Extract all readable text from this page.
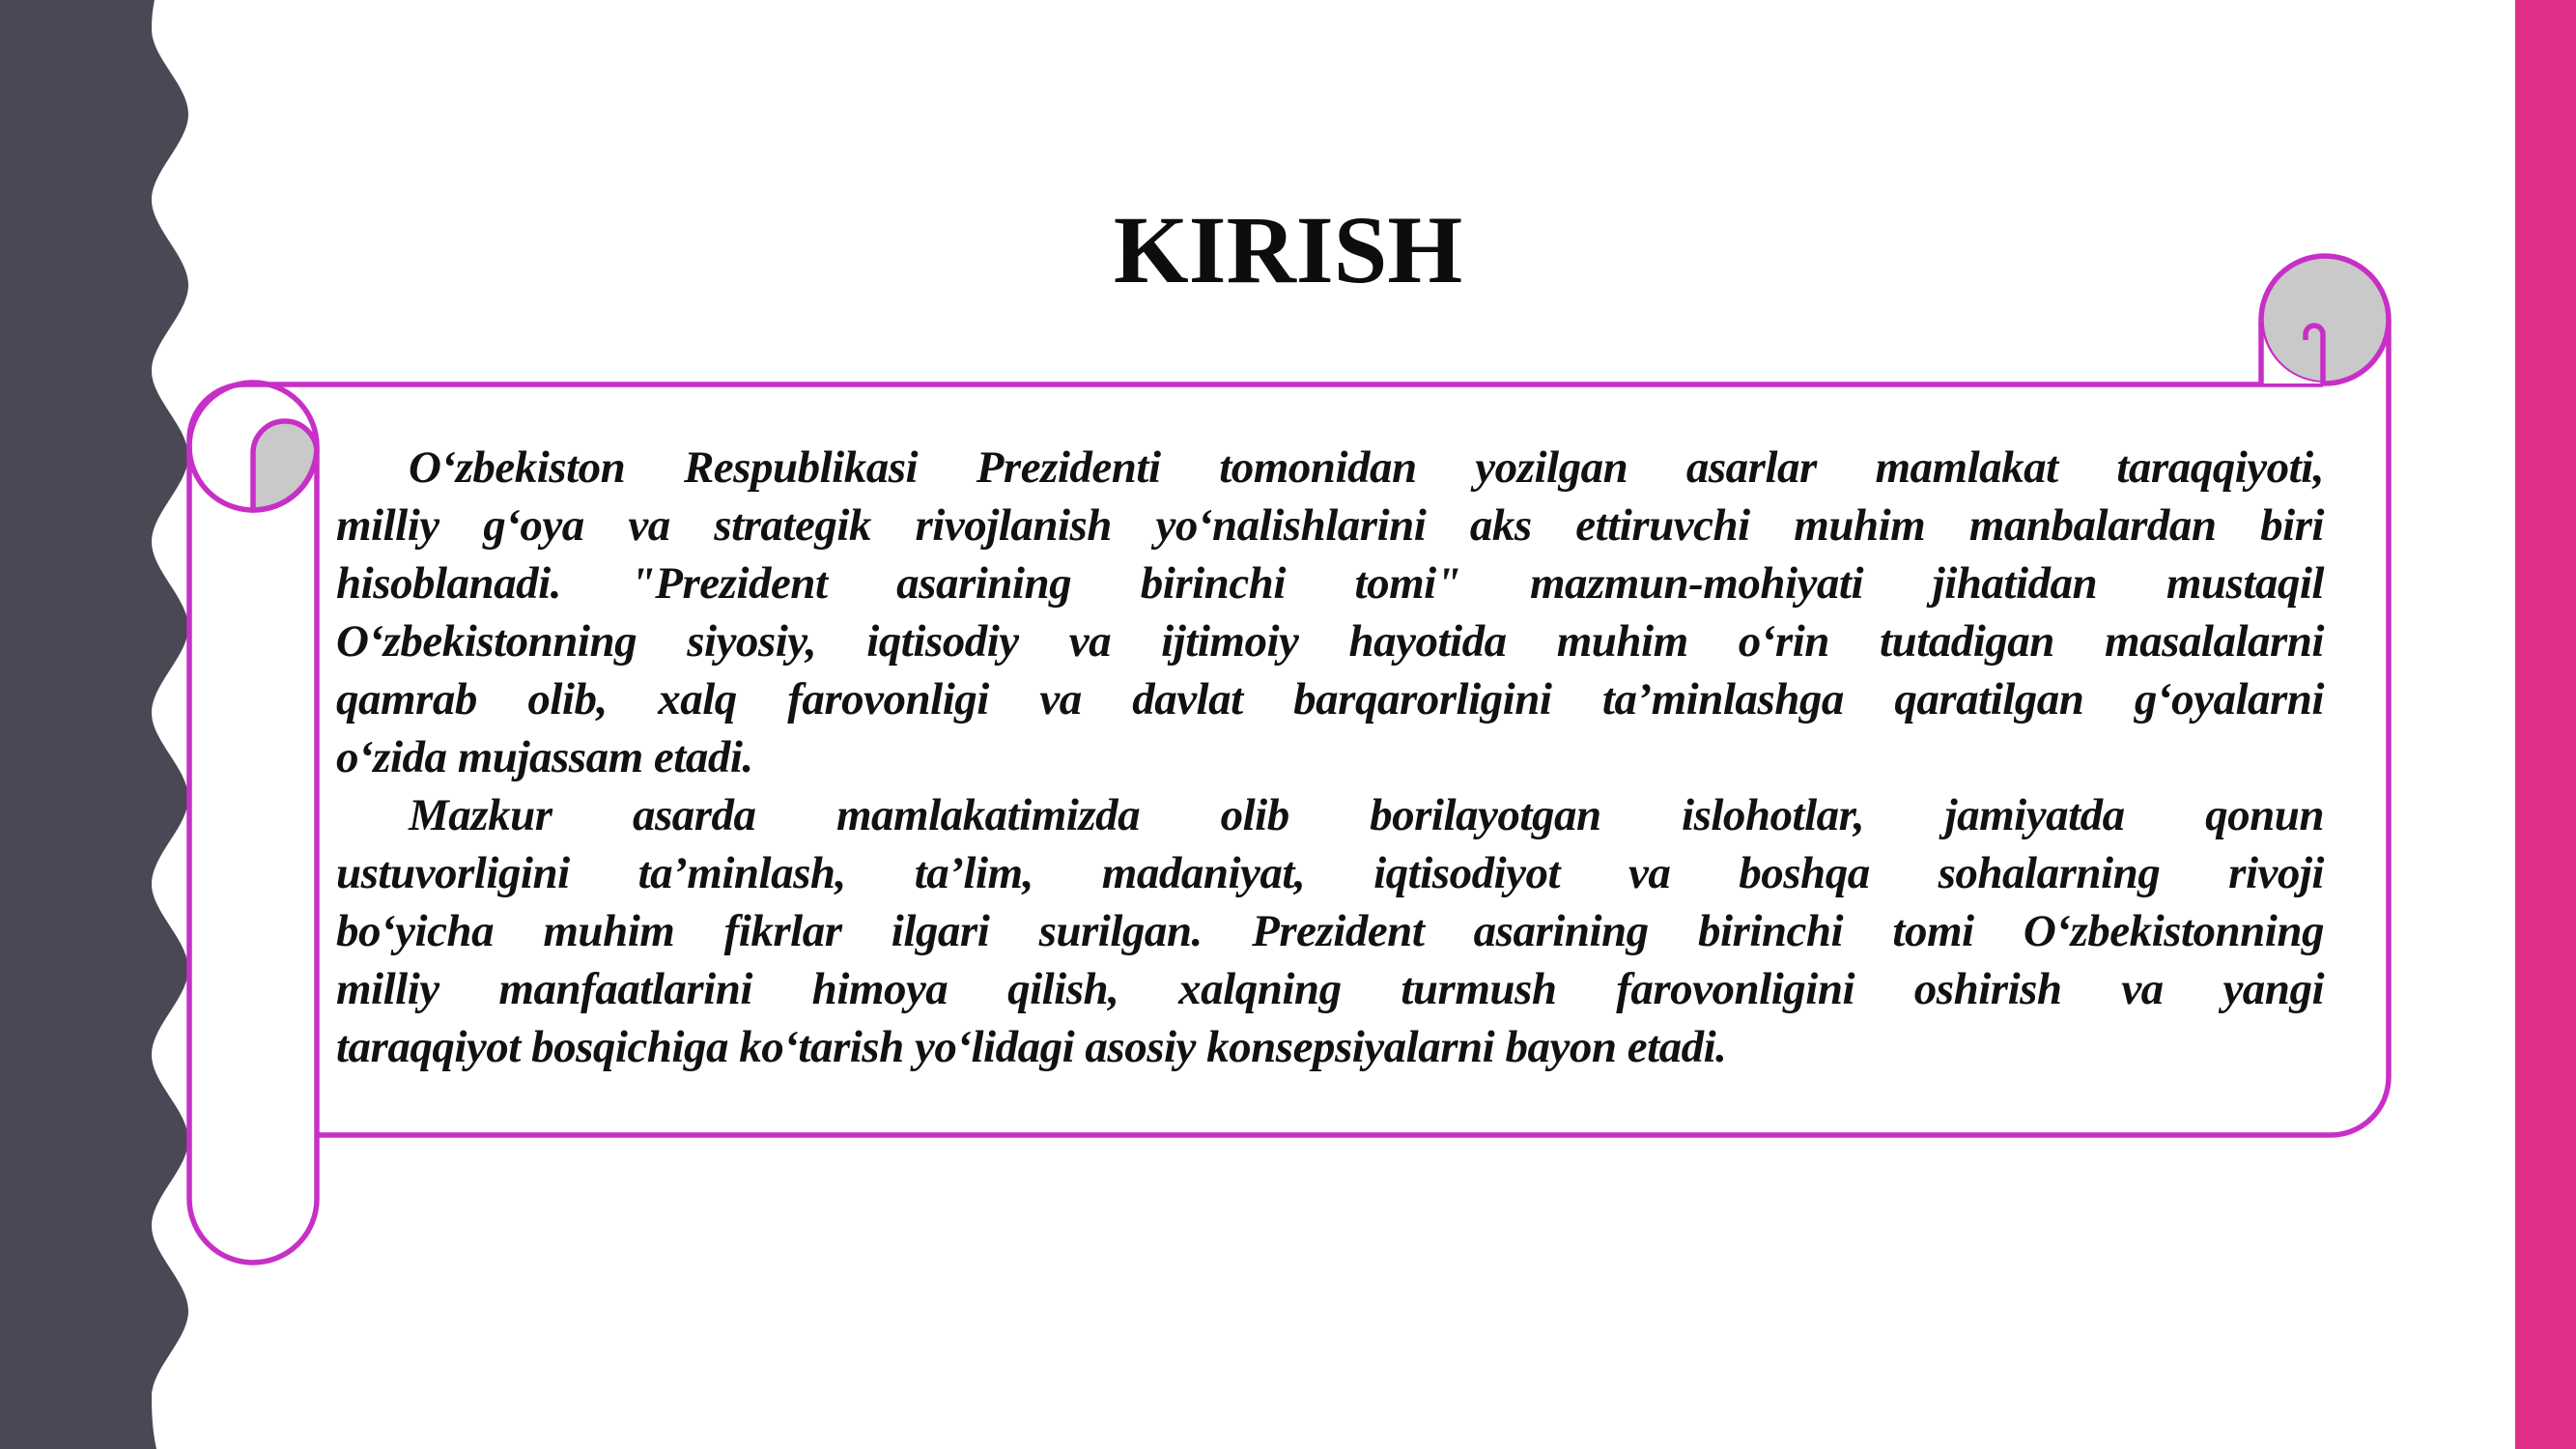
KIRISH

O‘zbekiston Respublikasi Prezidenti tomonidan yozilgan asarlar mamlakat taraqqiyoti,
milliy g‘oya va strategik rivojlanish yo‘nalishlarini aks ettiruvchi muhim manbalardan biri
hisoblanadi. "Prezident asarining birinchi tomi" mazmun-mohiyati jihatidan mustaqil
O‘zbekistonning siyosiy, iqtisodiy va ijtimoiy hayotida muhim o‘rin tutadigan masalalarni
qamrab olib, xalq farovonligi va davlat barqarorligini ta’minlashga qaratilgan g‘oyalarni
o‘zida mujassam etadi.

Mazkur asarda mamlakatimizda olib borilayotgan islohotlar, jamiyatda qonun
ustuvorligini ta’minlash, ta’lim, madaniyat, iqtisodiyot va boshqa sohalarning rivoji
bo‘yicha muhim fikrlar ilgari surilgan. Prezident asarining birinchi tomi O‘zbekistonning
milliy manfaatlarini himoya qilish, xalqning turmush farovonligini oshirish va yangi
taraqqiyot bosqichiga ko‘tarish yo‘lidagi asosiy konsepsiyalarni bayon etadi.
